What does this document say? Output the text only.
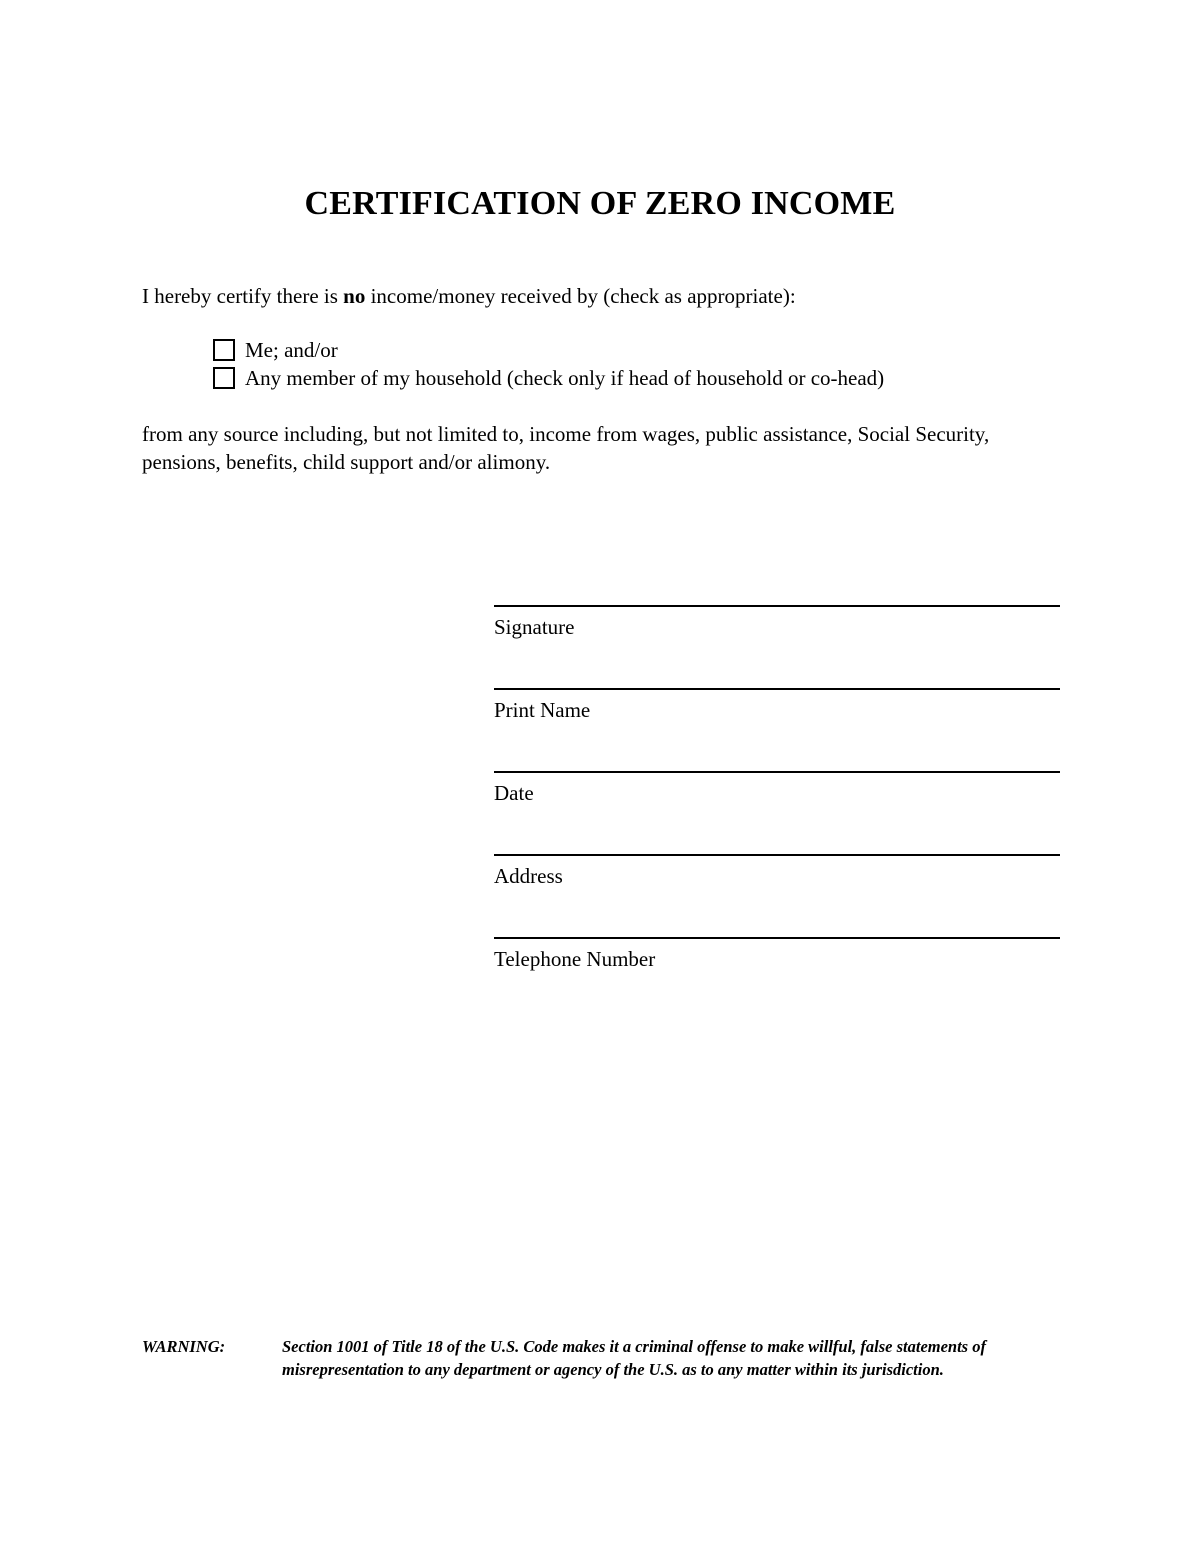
CERTIFICATION OF ZERO INCOME
I hereby certify there is no income/money received by (check as appropriate):
Me; and/or
Any member of my household (check only if head of household or co-head)
from any source including, but not limited to, income from wages, public assistance, Social Security, pensions, benefits, child support and/or alimony.
Signature
Print Name
Date
Address
Telephone Number
WARNING:	Section 1001 of Title 18 of the U.S. Code makes it a criminal offense to make willful, false statements of misrepresentation to any department or agency of the U.S. as to any matter within its jurisdiction.
